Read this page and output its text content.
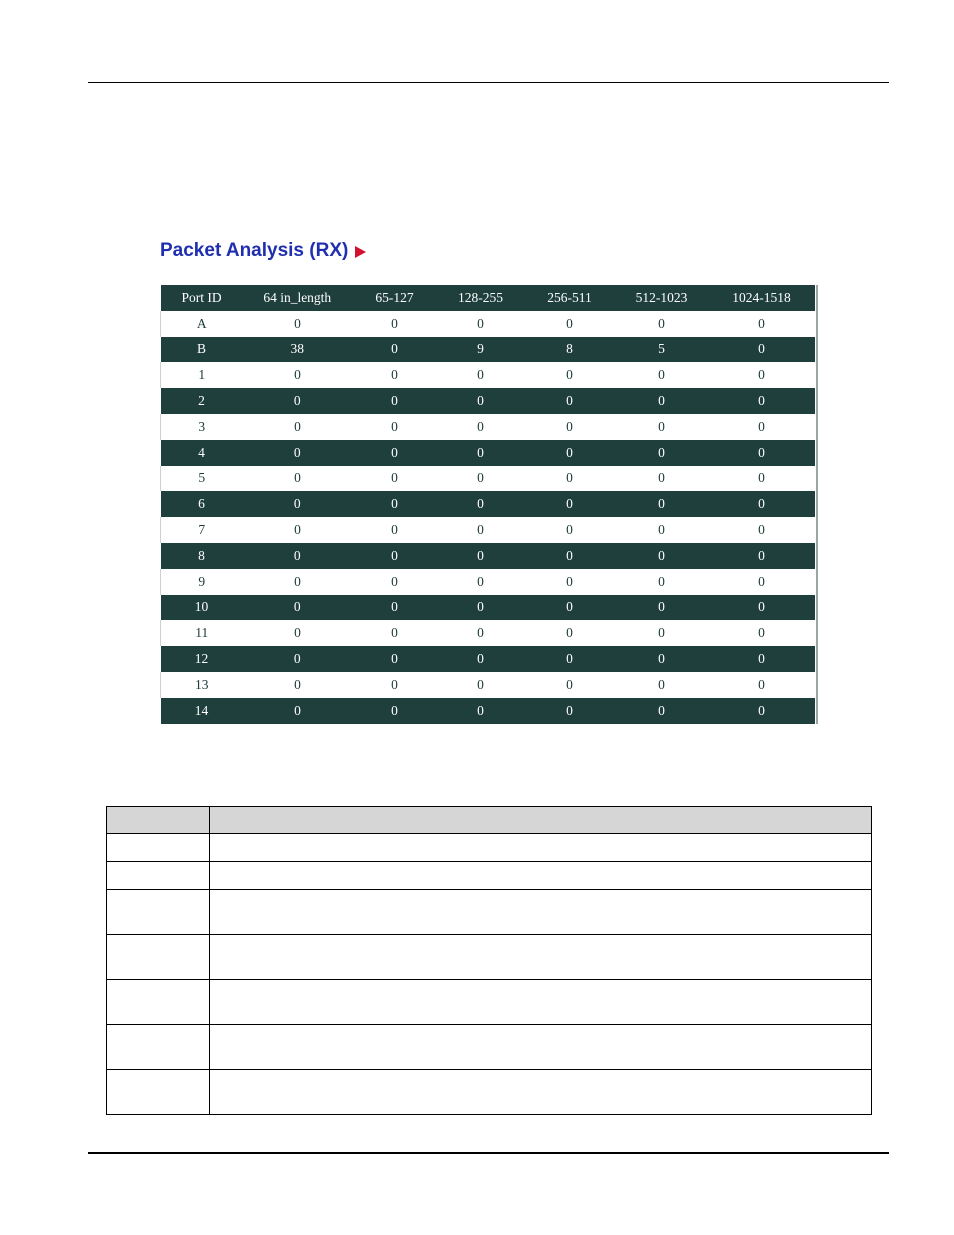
Packet Analysis (RX)
Port ID	64 in_length	65-127	128-255	256-511	512-1023	1024-1518
A	0	0	0	0	0	0
B	38	0	9	8	5	0
1	0	0	0	0	0	0
2	0	0	0	0	0	0
3	0	0	0	0	0	0
4	0	0	0	0	0	0
5	0	0	0	0	0	0
6	0	0	0	0	0	0
7	0	0	0	0	0	0
8	0	0	0	0	0	0
9	0	0	0	0	0	0
10	0	0	0	0	0	0
11	0	0	0	0	0	0
12	0	0	0	0	0	0
13	0	0	0	0	0	0
14	0	0	0	0	0	0
